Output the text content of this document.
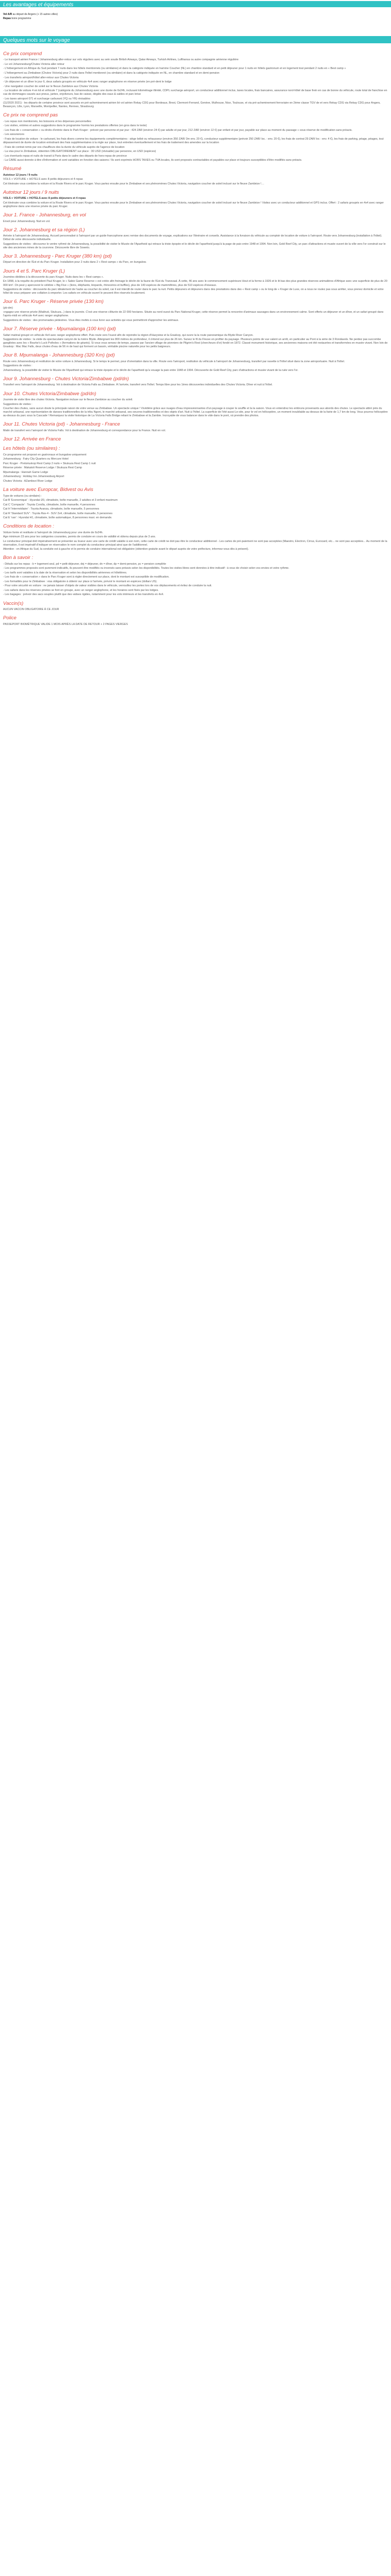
Les avantages et équipements
Vol A/R au départ de Angers (+ 15 autres villes)
Repas boire programme
Quelques mots sur le voyage
Ce prix comprend

- Le transport aérien France / Johannesburg aller-retour sur vols réguliers avec au sein soude British Airways, Qatar Airways, Turkish Airlines, Lufthansa ou autre compagnie aérienne régulière

- Le vol Johannesburg/Chutes Victoria aller-retour

- L'hébergement en Afrique du Sud pendant 7 nuits dans les hôtels mentionnés (ou similaires) et dans la catégorie indiquée en hamme Coucher (NL) en chambre standard et en petit déjeuner pour 1 nuits en hôtels gastronum et en logement tout pendant 2 nuits en « Best camp »

- L'hébergement au Zimbabwe (Chutes Victoria) pour 2 nuits dans l'hôtel mentionné (ou similaire) et dans la catégorie indiquée en NL, en chambre standard et en demi-pension

- Les transferts aéroport/hôtel aller-retour aux Chutes Victoria

- Un déjeuner et un dîner le jour 6, deux safaris groupés en véhicule 4x4 avec ranger anglophone en réserve privée (en pré-dent le lodge

- Une navigation coucher de soleil sur le fleuve Zambèze aux Chutes Victoria

- La location de voiture 4 en kit et véhicule 7 (catégorie du Johannesburg avec une durée de 6x24h, inclusant kilométrage illimité, CDPL surcharge aéroport, un conducteur additionnel inclus, taxes locales, frais bancaires, assurance nord-hôtel de base frein en cas de bonne du véhicule, route total de franchise en cas de dommages causés aux pneus, jantes, enjoliveurs, bas de caisse, dégâts des eaux & sables et parc brise

- Les taxes aéroport 071 et surcharge carburant (YQ ou YR) révisables

(11/2020 2021) : les départs de certaine province sont assurés en pré-acheminement aérien lié vol aérien Rekay CDG pour Bordeaux, Brest, Clermont-Ferrand, Genève, Mulhouse, Nice, Toulouse, et via pré-acheminement ferroviaire en 2ème classe TGV de et vers Rekay CDG via Rekay CDG pour Angers, Besançon, Lille, Lyon, Marseille, Montpellier, Nantes, Rennes, Strasbourg

Ce prix ne comprend pas

- Les repas non mentionnés, les boissons et les dépenses personnelles

- Les visites, entrées et autres suggestions dans le programme hormis les prestations offertes (en gros dans le texte)

- Les frais de « conservation » ou droits d'entrée dans le Park Kruger : prévoir par personne et par jour : 424 ZAR (environ 24 €) par adulte et par jour, 212 ZAR (environ 12 €) par enfant et par jour, payable sur place au moment du passage » sous réserve de modification sans préavis.

- Les assurances

- Frais de location de voiture : le carburant, les frais divers comme les équipements complémentaires : siège bébé ou rehausseur (environ 350 ZAR/ 3m env. 20 €), conducteur supplémentaire (prévoir 250 ZAR/ loc. : env. 20 €), les frais de contrat 29 ZAR/ loc : env. 4 €), les frais de parking, péage, péages, tout dépassement de durée de location entraînant des frais supplémentaires à la règle sur place, tout entretien éventuellement et les frais de traitement des amendes sur la location

- Frais de contrat remis par vos chauffeurs des la durée du véhicule auprès de l'agence de location

- La visa pour le Zimbabwe, obtention OBLIGATOIREMENT sur place : 30 USD (révisable) par personne, en USD (espèces)

- Les éventuels repas et nuits de transit à Paris dans le cadre des départs de hors-repas de province

- La CARE aussi donnée à titre d'information et sont variables en fonction des saisons / Ils sont exprimés HORS TAXES ou TVA locales, ils sont proposés contractables et payables sur place et toujours susceptibles d'être modifiés sans préavis.

Résumé

Autotour 12 jours / 9 nuits

VOLS + VOITURE + HOTELS avec 8 petits déjeuners et 4 repas

Cet itinéraire vous combine la voiture et la Route Rivers et le parc Kruger. Vous partez ensuite pour le Zimbabwe et ses phénomènes Chutes Victoria, navigation coucher de soleil inclusé sur le fleuve Zambèze !…

Autotour 12 jours / 9 nuits

VOLS + VOITURE + HOTELS avec 8 petits déjeuners et 4 repas

Cet itinéraire vous combine la voiture et la Route Rivers et le parc Kruger. Vous partez ensuite pour le Zimbabwe et ses phénomènes Chutes Victoria, navigation coucher de soleil inclusé sur le fleuve Zambèze ! Visitez avec un conducteur additionnel et GPS inclus. Offert : 2 safaris groupés en 4x4 avec ranger anglophone dans une réserve privée du parc Kruger.

Jour 1. France - Johannesburg, en vol

Envol pour Johannesburg. Nuit en vol.

Jour 2. Johannesburg et sa région (L)

Arrivée à l'aéroport de Johannesburg. Accueil personnalisé à l'aéroport par un guide francophone avec remise des documents de voyage, explications sur l'itinéraire et conseils. Assistance à la livraison du véhicule au comptoir de location de voiture à l'aéroport. Route vers Johannesburg (installation à l'hôtel). Début de votre découverte individuelle.

Suggestions de visites : découvrez le ventre rythmé de Johannesburg, la possibilité de visiter le Musée de l'Apartheid qui retrace la triste épopée et le déclin de l'apartheid jusqu'à la page de paix entre 1948 et 1994. Non loin, Gold Reef City, un parc d'attractions et musée ouvert de la ville vers l'or construit sur le site des anciennes mines de la couronne. Découverte libre de Soweto.

Jour 3. Johannesburg - Parc Kruger (380 km) (pd)

Départ en direction de l'Est et du Parc Kruger. Installation pour 2 nuits dans 2 « Rest camps » du Parc, en bungalow.

Jours 4 et 5. Parc Kruger (L)

Journées dédiées à la découverte du parc Kruger. Nuits dans les « Rest camps ».

En 1898, à la requête du président Paul Kruger, le « Sabie Game Reserve » est créée afin freinage le déclin de la faune de l'Est du Transvaal. À cette, 46 ans avec le commencement supérieure Hout et la forme à 1926 et le lit bas des plus grandes réserves animalières d'Afrique avec une superficie de plus de 20 000 km². On peut y apercevoir le célèbre « Big Five » (lions, éléphants, léopards, rhinocéros et buffles), plus de 140 espèces de mammifères, plus de 510 espèces d'oiseaux.

Suggestions de visites : découverte du parc idéalement de l'aube au coucher du soleil, car il est interdit de rouler dans le parc la nuit. Petits déjeuners et déjeuners dans des prestations dans des « Rest camp » ou le long de « Kruger de Luxe, on a nous ne roulez pas sous arrêter, vous prenez domicile et votre hôtel de vous préparer une collation à emporter. Les safaris en véhicule ouvert le peuvent être réservés localement.

Jour 6. Parc Kruger - Réserve privée (130 km)

(pb-dm)

«ngagez une réserve privée (Makhuti, Skukuza...) dans le journée. C'est une réserve clôturée de 22 000 hectares. Située au nord ouest du Parc National Kruger, cette réserve permet la rencontre d'animaux sauvages dans un environnement calme. Sont offerts un déjeuner et un dîner, et un safari groupé dans l'après-midi en véhicule 4x4 avec ranger anglophone.

Suggestions de visites : des promenades pédestres. Vous êtes invités à vous livrer aux activités qui vous permettront d'approcher les animaux.

Jour 7. Réserve privée - Mpumalanga (100 km) (pd)

Safari matinal groupé en véhicule 4x4 avec ranger anglophone offert. Puis route vers l'ouest afin de rejoindre la région d'Hazyview et la Graskop, qui ouvre la la route panoramique du Blyde River Canyon.

Suggestions de visites : la visite du spectaculaire canyon de la rivière Blyde. Atteignant les 800 mètres de profondeur, il s'étend sur plus de 26 km. Suivez le fil du Fleuve en profiter du paysage. Plusieurs points de vue valent un arrêt, en particulier au Pont à la série de 3 Rondavels. Ne perdez pas succombe gangilotes avec les « Bourke's Luck Potholes » (formations de géants). Si vous vous sensez de temps, passez par l'ancien village de pionniers de Pilgrim's Rest (chercheurs d'or) fondé en 1872. Classé monument historique, ses anciennes maisons ont été restaurées et transformées en musée vivant. Non loin de Graskop : Mac Mac Falls, deux chutes d'eau de 56 m de haut qui forment un bassin, véritable piscine naturelle pour les petits baigneurs.

Jour 8. Mpumalanga - Johannesburg (320 Km) (pd)

Route vers Johannesburg et restitution de votre voiture à Johannesburg. Si le temps le permet, pour d'orientation dans la ville. Route vers l'aéroport, restitution du véhicule à l'aéroport de Johannesburg, transfert par navette à l'hôtel situé dans la zone aéroportuaire. Nuit à l'hôtel.

Suggestions de visites :

Johannesburg, la possibilité de visiter le Musée de l'Apartheid qui retrace la triste épopée et le déclin de l'apartheid qu'a vouage la paix entre 1948 et 1994. Découverte de Gold Reef City, parc d'attractions et musée vivant de la ruée vers l'or.

Jour 9. Johannesburg - Chutes Victoria/Zimbabwe (pd/dn)

Transfert vers l'aéroport de Johannesburg. Vol à destination de Victoria Falls au Zimbabwe. À l'arrivée, transfert vers l'hôtel. Temps libre pour les 1ères découvertes individuelles des Chutes Victoria. Dîner et nuit à l'hôtel.

Jour 10. Chutes Victoria/Zimbabwe (pd/dn)

Journée de visite libre des chutes Victoria. Navigation incluse sur le fleuve Zambèze au coucher du soleil.

Suggestions de visites :

Coucher des chutes, sans aucun doute la principale raison de votre venue au Zimbabwe. Un spectacle unique ! Vivédière grâce aux nuages d'eau impressionnantes d'un paysage à couper le souffle et la la saison. Vous en entendrez les embruns provenants aux abords des chutes. Le spectacle attiré près du marché artisanal, une représentation de danses traditionnelles de la tribu Ngoni, le marché artisanal, ses oeuvres traditionnelles et des objets d'art. Nuit à l'hôtel. La superficie de l'été aussi Le-site, pour le vol en hélicoptère, un moment inoubliable au-dessus de la fairie de 1,7 km de long. Vous pourrez hélicoptère au-dessus du parc sous la Cascade ! Remarquez la visite historique de La Victoria Falls Bridge reliant le Zimbabwe et la Zambie. Incroyable de vous balancer dans le vide dans le pont, où prendre des photos.

Jour 11. Chutes Victoria (pd) - Johannesburg - France

Matin de transfert vers l'aéroport de Victoria Falls. Vol à destination de Johannesburg et correspondance pour la France. Nuit en vol.

Jour 12. Arrivée en France
Les hôtels (ou similaires) :

Ce programme est proposé en gastronaux et bungalow uniquement

Johannesburg : Fairy City Quarters ou Mercure Hotel

Parc Kruger - Pretoriuskop Rest Camp 2 nuits + Skukuza Rest Camp 1 nuit

Réserve privée : Makatoti Reserve Lodge / Skukuza Rest Camp

Mpumalanga : Hannah Game Lodge

Johannesburg : Holiday Inn Johannesburg Airport

Chutes Victoria : AZambezi River Lodge

La voiture avec Europcar, Bidvest ou Avis

Type de voitures (ou similaire) :

Cat B 'Economique' : Hyundai i20, climatisée, boîte manuelle, 2 adultes et 3 enfant maximum

Cat C 'Compacte' : Toyota Corolla, climatisée, boîte manuelle, 4 personnes

Cat H 'Intermédiaire' : Toyota Avanza, climatisée, boîte manuelle, 5 personnes

Cat R 'Standard SUV' : Toyota Rav-4 - SUV 2x4, climatisée, boîte manuelle, 5 personnes

Cat E 'van' : Hyundai H1, climatisée, boîte automatique, 8 personnes maxi. en demande.

Conditions de location :

Voiture livrée et restituée à l'aéroport de Johannesburg pour une durée de 6x24h.

Age minimum 23 ans pour les catégories courantes, permis de conduire en cours de validité et obtenu depuis plus de 3 ans.

Le conducteur principal doit impérativement se présenter au loueur avec une carte de crédit valable à son nom, cette carte de crédit ne doit pas être le conducteur additionnel - Les cartes de pré-paiement ne sont pas acceptées (Maestro, Electron, Cirrus, Eurocard, etc... ne sont pas acceptées... Au moment de la réservation, il est impératif d'indiquer en réservation le nom complet du conducteur principal ainsi que de l'additionnel.

Attention : en Afrique du Sud, la conduite est à gauche et le permis de conduire international est obligatoire (obtention gratuite avant le départ auprès de votre préfecture, informez-vous dès à présent).

Bon à savoir :

- Détails sur les repas : b = logement seul, pd = petit-déjeuner, dej = déjeuner, dn = dîner, dp = demi-pension, pc = pension complète

- Les programmes proposés sont purement indicatifs, ils peuvent être modifiés ou inversés sans préavis selon les disponibilités. Toutes les visites libres sont données à titre indicatif : à vous de choisir selon vos envies et votre rythme.

- Les tarifs sont valables à la date de la réservation et selon les disponibilités aériennes et hôtelières.

- Les frais de « conservation » dans le Parc Kruger sont à régler directement sur place, dont le montant est susceptible de modification.

- Les formalités pour le Zimbabwe : visa obligatoire à obtenir sur place à l'arrivée, prévoir le montant en espèces (dollars US).

- Pour votre sécurité en voiture : ne jamais laisser d'objets de valeur visibles dans le véhicule, verrouillez les portes lors de vos déplacements et évitez de conduire la nuit.

- Les safaris dans les réserves privées se font en groupe, avec un ranger anglophone, et les horaires sont fixés par les lodges.

- Les bagages : prévoir des sacs souples plutôt que des valises rigides, notamment pour les vols intérieurs et les transferts en 4x4.

Vaccin(s)

AUCUN VACCIN OBLIGATOIRE À CE JOUR

Police

PASSEPORT BIOMÉTRIQUE VALIDE 1 MOIS APRÈS LA DATE DE RETOUR + 2 PAGES VIERGES
